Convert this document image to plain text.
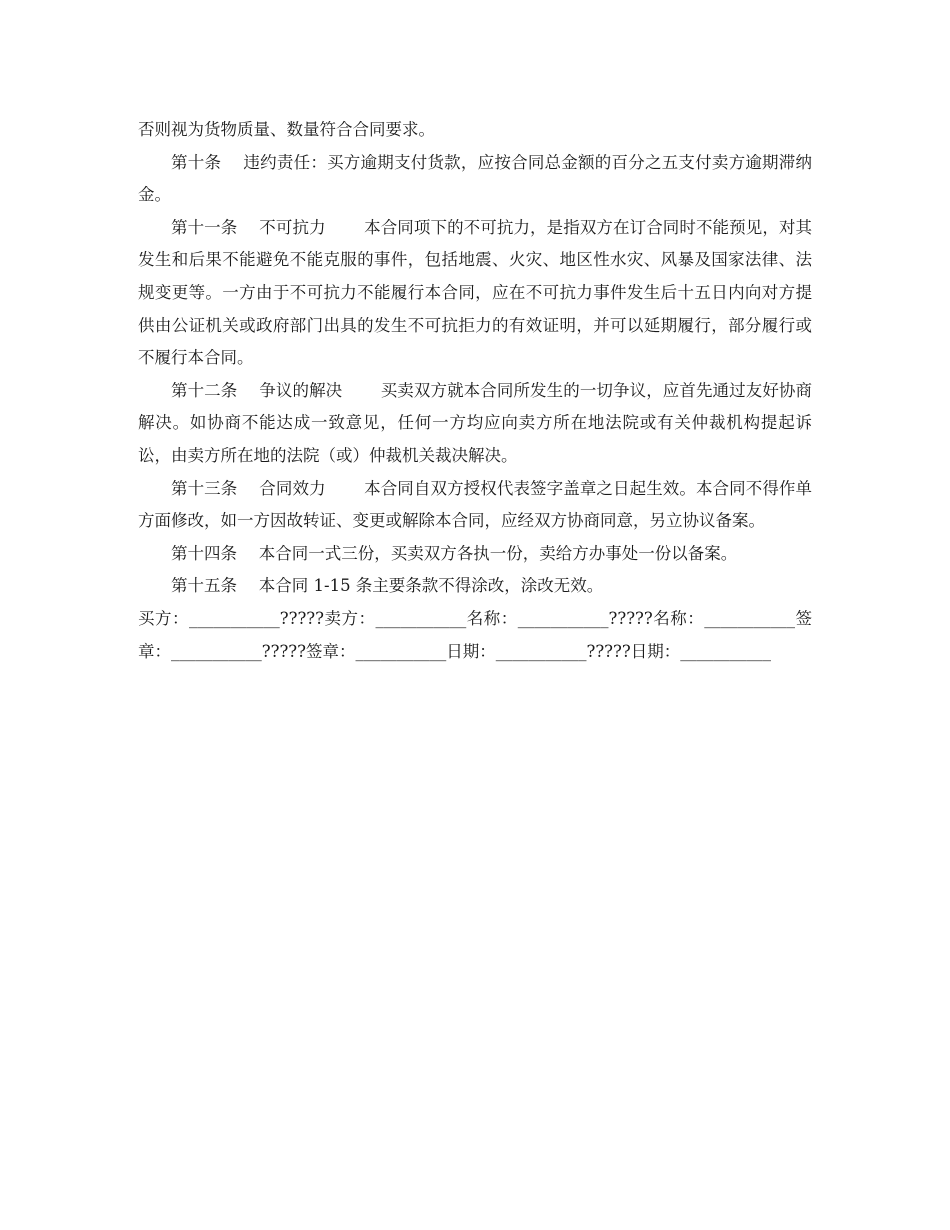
否则视为货物质量、数量符合合同要求。

第十条 违约责任：买方逾期支付货款，应按合同总金额的百分之五支付卖方逾期滞纳金。

第十一条 不可抗力 本合同项下的不可抗力，是指双方在订合同时不能预见，对其发生和后果不能避免不能克服的事件，包括地震、火灾、地区性水灾、风暴及国家法律、法规变更等。一方由于不可抗力不能履行本合同，应在不可抗力事件发生后十五日内向对方提供由公证机关或政府部门出具的发生不可抗拒力的有效证明，并可以延期履行，部分履行或不履行本合同。

第十二条 争议的解决 买卖双方就本合同所发生的一切争议，应首先通过友好协商解决。如协商不能达成一致意见，任何一方均应向卖方所在地法院或有关仲裁机构提起诉讼，由卖方所在地的法院（或）仲裁机关裁决解决。

第十三条 合同效力 本合同自双方授权代表签字盖章之日起生效。本合同不得作单方面修改，如一方因故转证、变更或解除本合同，应经双方协商同意，另立协议备案。

第十四条 本合同一式三份，买卖双方各执一份，卖给方办事处一份以备案。

第十五条 本合同 1-15 条主要条款不得涂改，涂改无效。

买方：___________?????卖方：___________名称：___________?????名称：___________签章：___________?????签章：___________日期：___________?????日期：___________
